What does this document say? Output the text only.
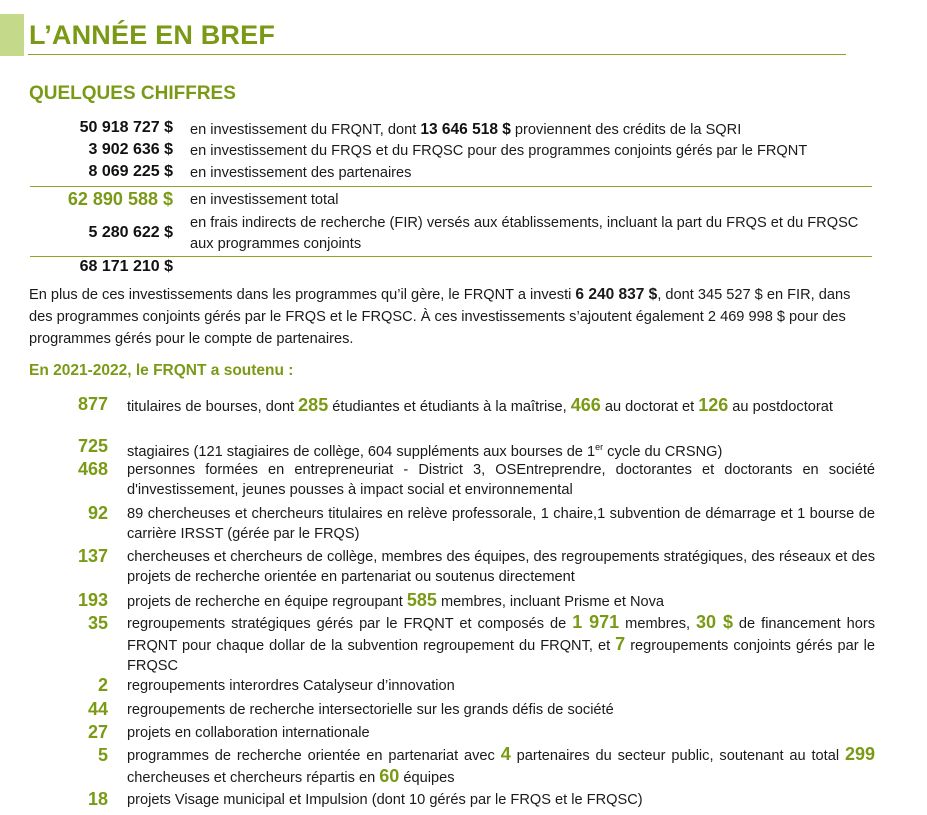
L’ANNÉE EN BREF
QUELQUES CHIFFRES
50 918 727 $ en investissement du FRQNT, dont 13 646 518 $ proviennent des crédits de la SQRI
3 902 636 $ en investissement du FRQS et du FRQSC pour des programmes conjoints gérés par le FRQNT
8 069 225 $ en investissement des partenaires
62 890 588 $ en investissement total
5 280 622 $
en frais indirects de recherche (FIR) versés aux établissements, incluant la part du FRQS et du FRQSC aux programmes conjoints
68 171 210 $
En plus de ces investissements dans les programmes qu’il gère, le FRQNT a investi 6 240 837 $, dont 345 527 $ en FIR, dans des programmes conjoints gérés par le FRQS et le FRQSC. À ces investissements s’ajoutent également 2 469 998 $ pour des programmes gérés pour le compte de partenaires.
En 2021-2022, le FRQNT a soutenu :
877 titulaires de bourses, dont 285 étudiantes et étudiants à la maîtrise, 466 au doctorat et 126 au postdoctorat
725 stagiaires (121 stagiaires de collège, 604 suppléments aux bourses de 1er cycle du CRSNG)
468 personnes formées en entrepreneuriat - District 3, OSEntreprendre, doctorantes et doctorants en société d'investissement, jeunes pousses à impact social et environnemental
92 89 chercheuses et chercheurs titulaires en relève professorale, 1 chaire,1 subvention de démarrage et 1 bourse de carrière IRSST (gérée par le FRQS)
137 chercheuses et chercheurs de collège, membres des équipes, des regroupements stratégiques, des réseaux et des projets de recherche orientée en partenariat ou soutenus directement
193 projets de recherche en équipe regroupant 585 membres, incluant Prisme et Nova
35 regroupements stratégiques gérés par le FRQNT et composés de 1 971 membres, 30 $ de financement hors FRQNT pour chaque dollar de la subvention regroupement du FRQNT, et 7 regroupements conjoints gérés par le FRQSC
2 regroupements interordres Catalyseur d’innovation
44 regroupements de recherche intersectorielle sur les grands défis de société
27 projets en collaboration internationale
5 programmes de recherche orientée en partenariat avec 4 partenaires du secteur public, soutenant au total 299 chercheuses et chercheurs répartis en 60 équipes
18 projets Visage municipal et Impulsion (dont 10 gérés par le FRQS et le FRQSC)
